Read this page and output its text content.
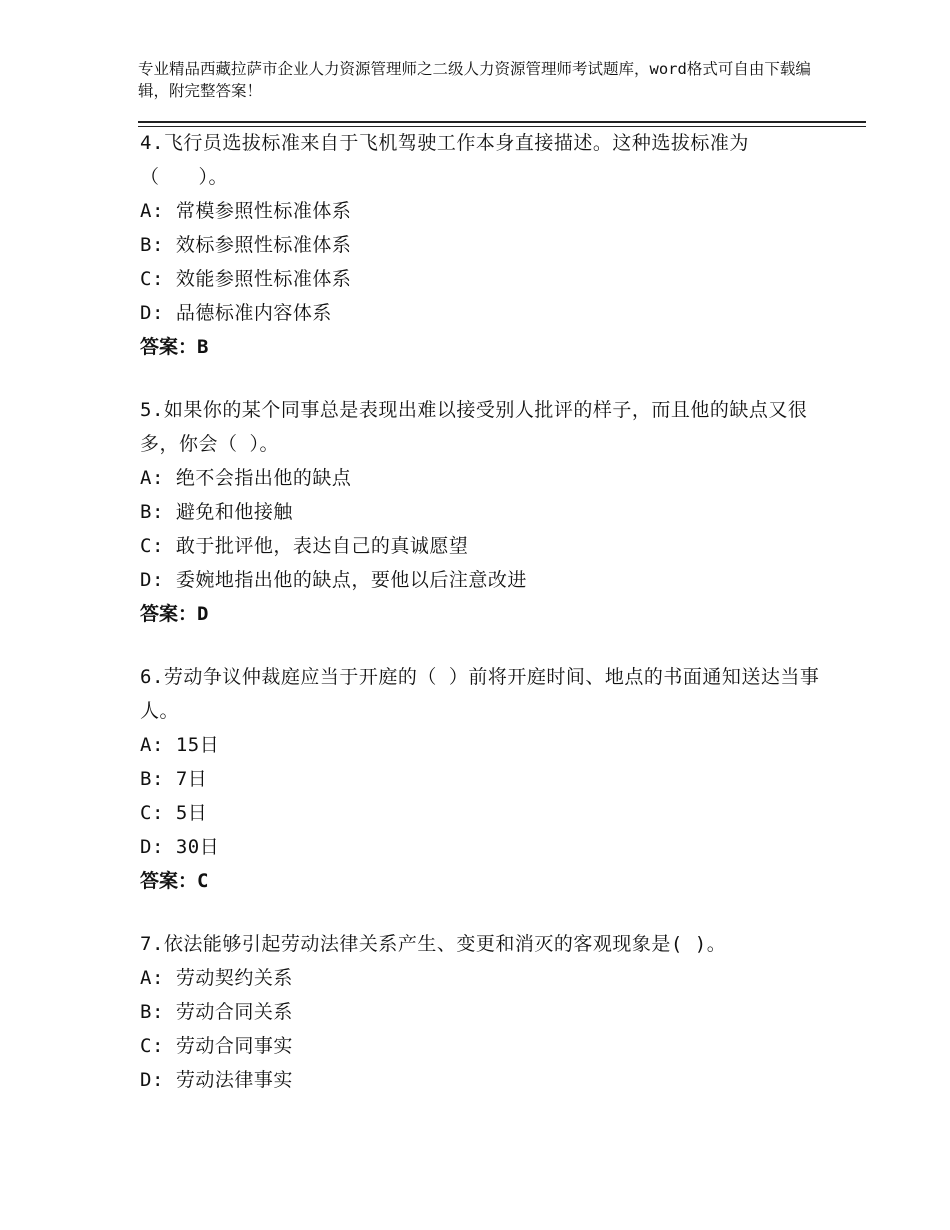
专业精品西藏拉萨市企业人力资源管理师之二级人力资源管理师考试题库，word格式可自由下载编辑，附完整答案！
4.飞行员选拔标准来自于飞机驾驶工作本身直接描述。这种选拔标准为（　　）。
A: 常模参照性标准体系
B: 效标参照性标准体系
C: 效能参照性标准体系
D: 品德标准内容体系
答案：B
5.如果你的某个同事总是表现出难以接受别人批评的样子，而且他的缺点又很多，你会（ ）。
A: 绝不会指出他的缺点
B: 避免和他接触
C: 敢于批评他，表达自己的真诚愿望
D: 委婉地指出他的缺点，要他以后注意改进
答案：D
6.劳动争议仲裁庭应当于开庭的（ ）前将开庭时间、地点的书面通知送达当事人。
A: 15日
B: 7日
C: 5日
D: 30日
答案：C
7.依法能够引起劳动法律关系产生、变更和消灭的客观现象是( )。
A: 劳动契约关系
B: 劳动合同关系
C: 劳动合同事实
D: 劳动法律事实
